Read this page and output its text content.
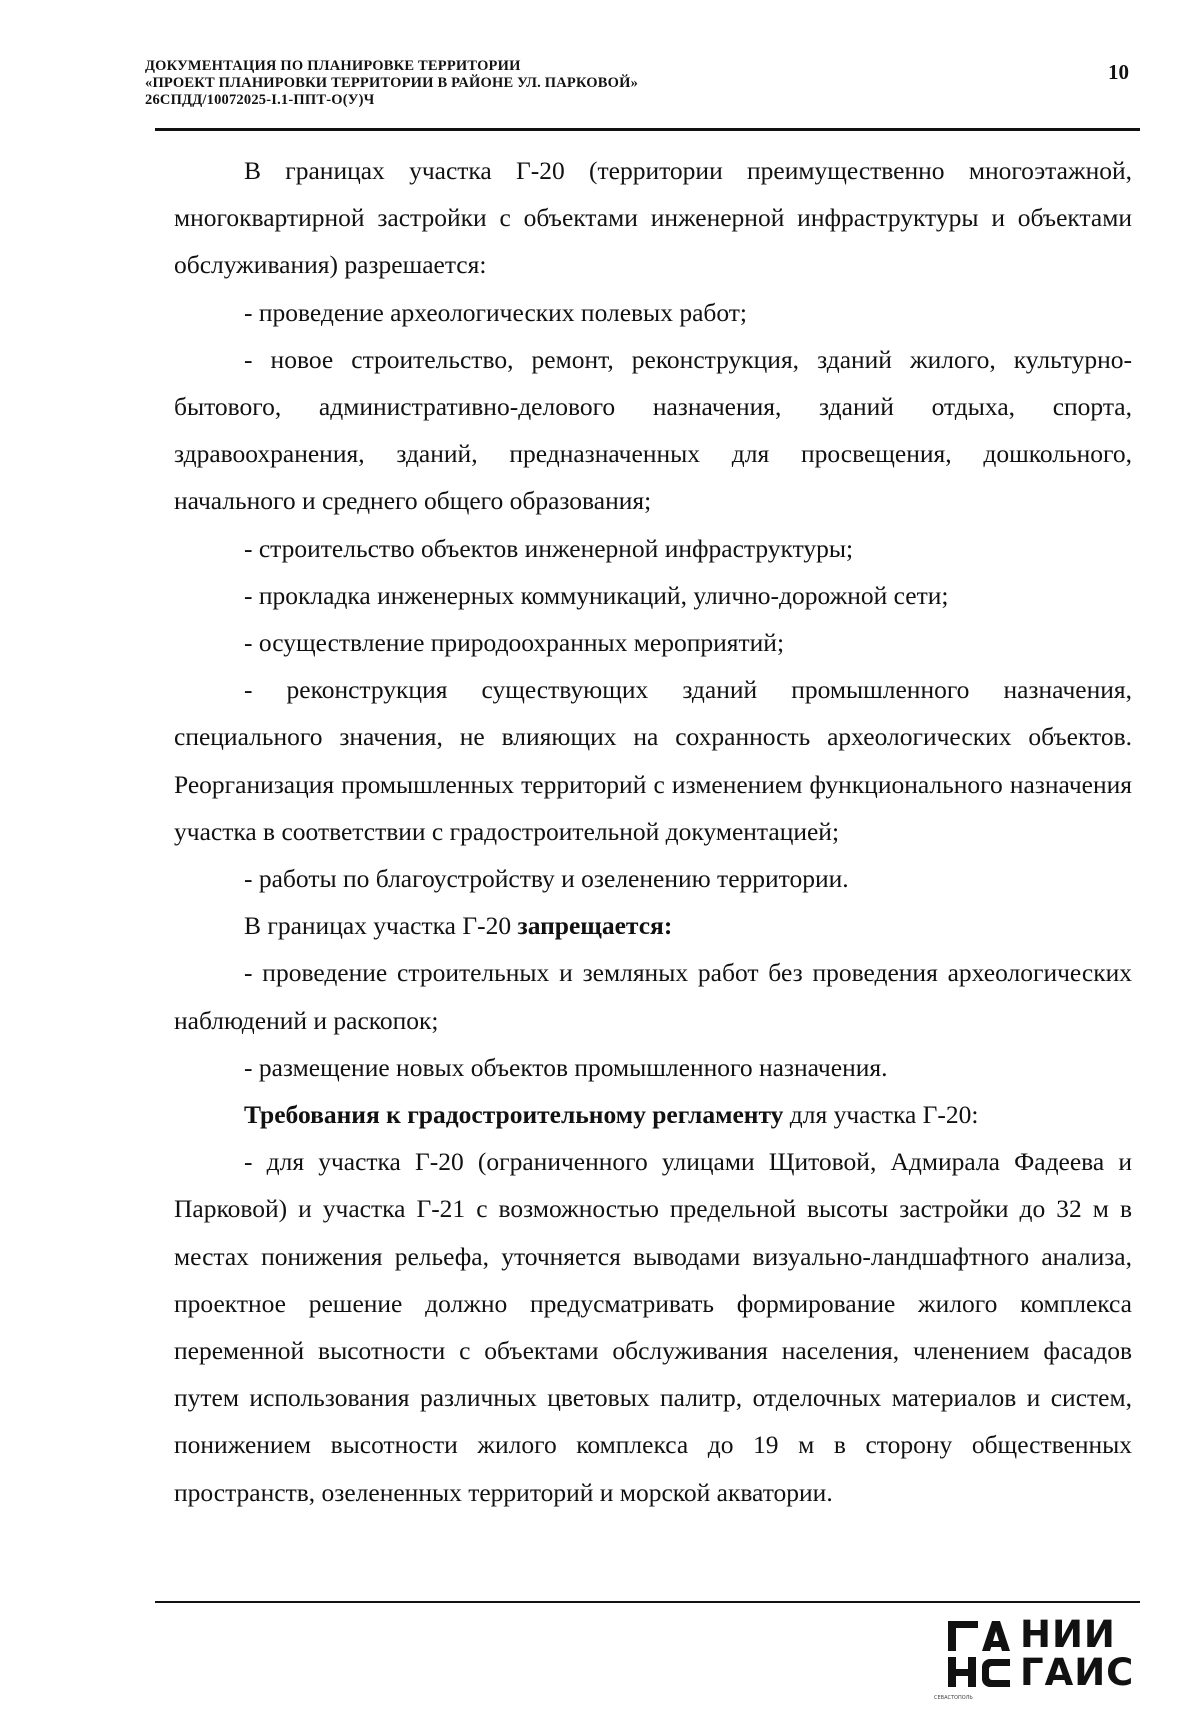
ДОКУМЕНТАЦИЯ ПО ПЛАНИРОВКЕ ТЕРРИТОРИИ
«ПРОЕКТ ПЛАНИРОВКИ ТЕРРИТОРИИ В РАЙОНЕ УЛ. ПАРКОВОЙ»
26СПДД/10072025-I.1-ППТ-О(У)Ч
10

В границах участка Г-20 (территории преимущественно многоэтажной, многоквартирной застройки с объектами инженерной инфраструктуры и объектами обслуживания) разрешается:

- проведение археологических полевых работ;

- новое строительство, ремонт, реконструкция, зданий жилого, культурно-бытового, административно-делового назначения, зданий отдыха, спорта, здравоохранения, зданий, предназначенных для просвещения, дошкольного, начального и среднего общего образования;

- строительство объектов инженерной инфраструктуры;

- прокладка инженерных коммуникаций, улично-дорожной сети;

- осуществление природоохранных мероприятий;

- реконструкция существующих зданий промышленного назначения, специального значения, не влияющих на сохранность археологических объектов. Реорганизация промышленных территорий с изменением функционального назначения участка в соответствии с градостроительной документацией;

- работы по благоустройству и озеленению территории.

В границах участка Г-20 запрещается:

- проведение строительных и земляных работ без проведения археологических наблюдений и раскопок;

- размещение новых объектов промышленного назначения.

Требования к градостроительному регламенту для участка Г-20:

- для участка Г-20 (ограниченного улицами Щитовой, Адмирала Фадеева и Парковой) и участка Г-21 с возможностью предельной высоты застройки до 32 м в местах понижения рельефа, уточняется выводами визуально-ландшафтного анализа, проектное решение должно предусматривать формирование жилого комплекса переменной высотности с объектами обслуживания населения, членением фасадов путем использования различных цветовых палитр, отделочных материалов и систем, понижением высотности жилого комплекса до 19 м в сторону общественных пространств, озелененных территорий и морской акватории.

НИИ
ГАИС
СЕВАСТОПОЛЬ
